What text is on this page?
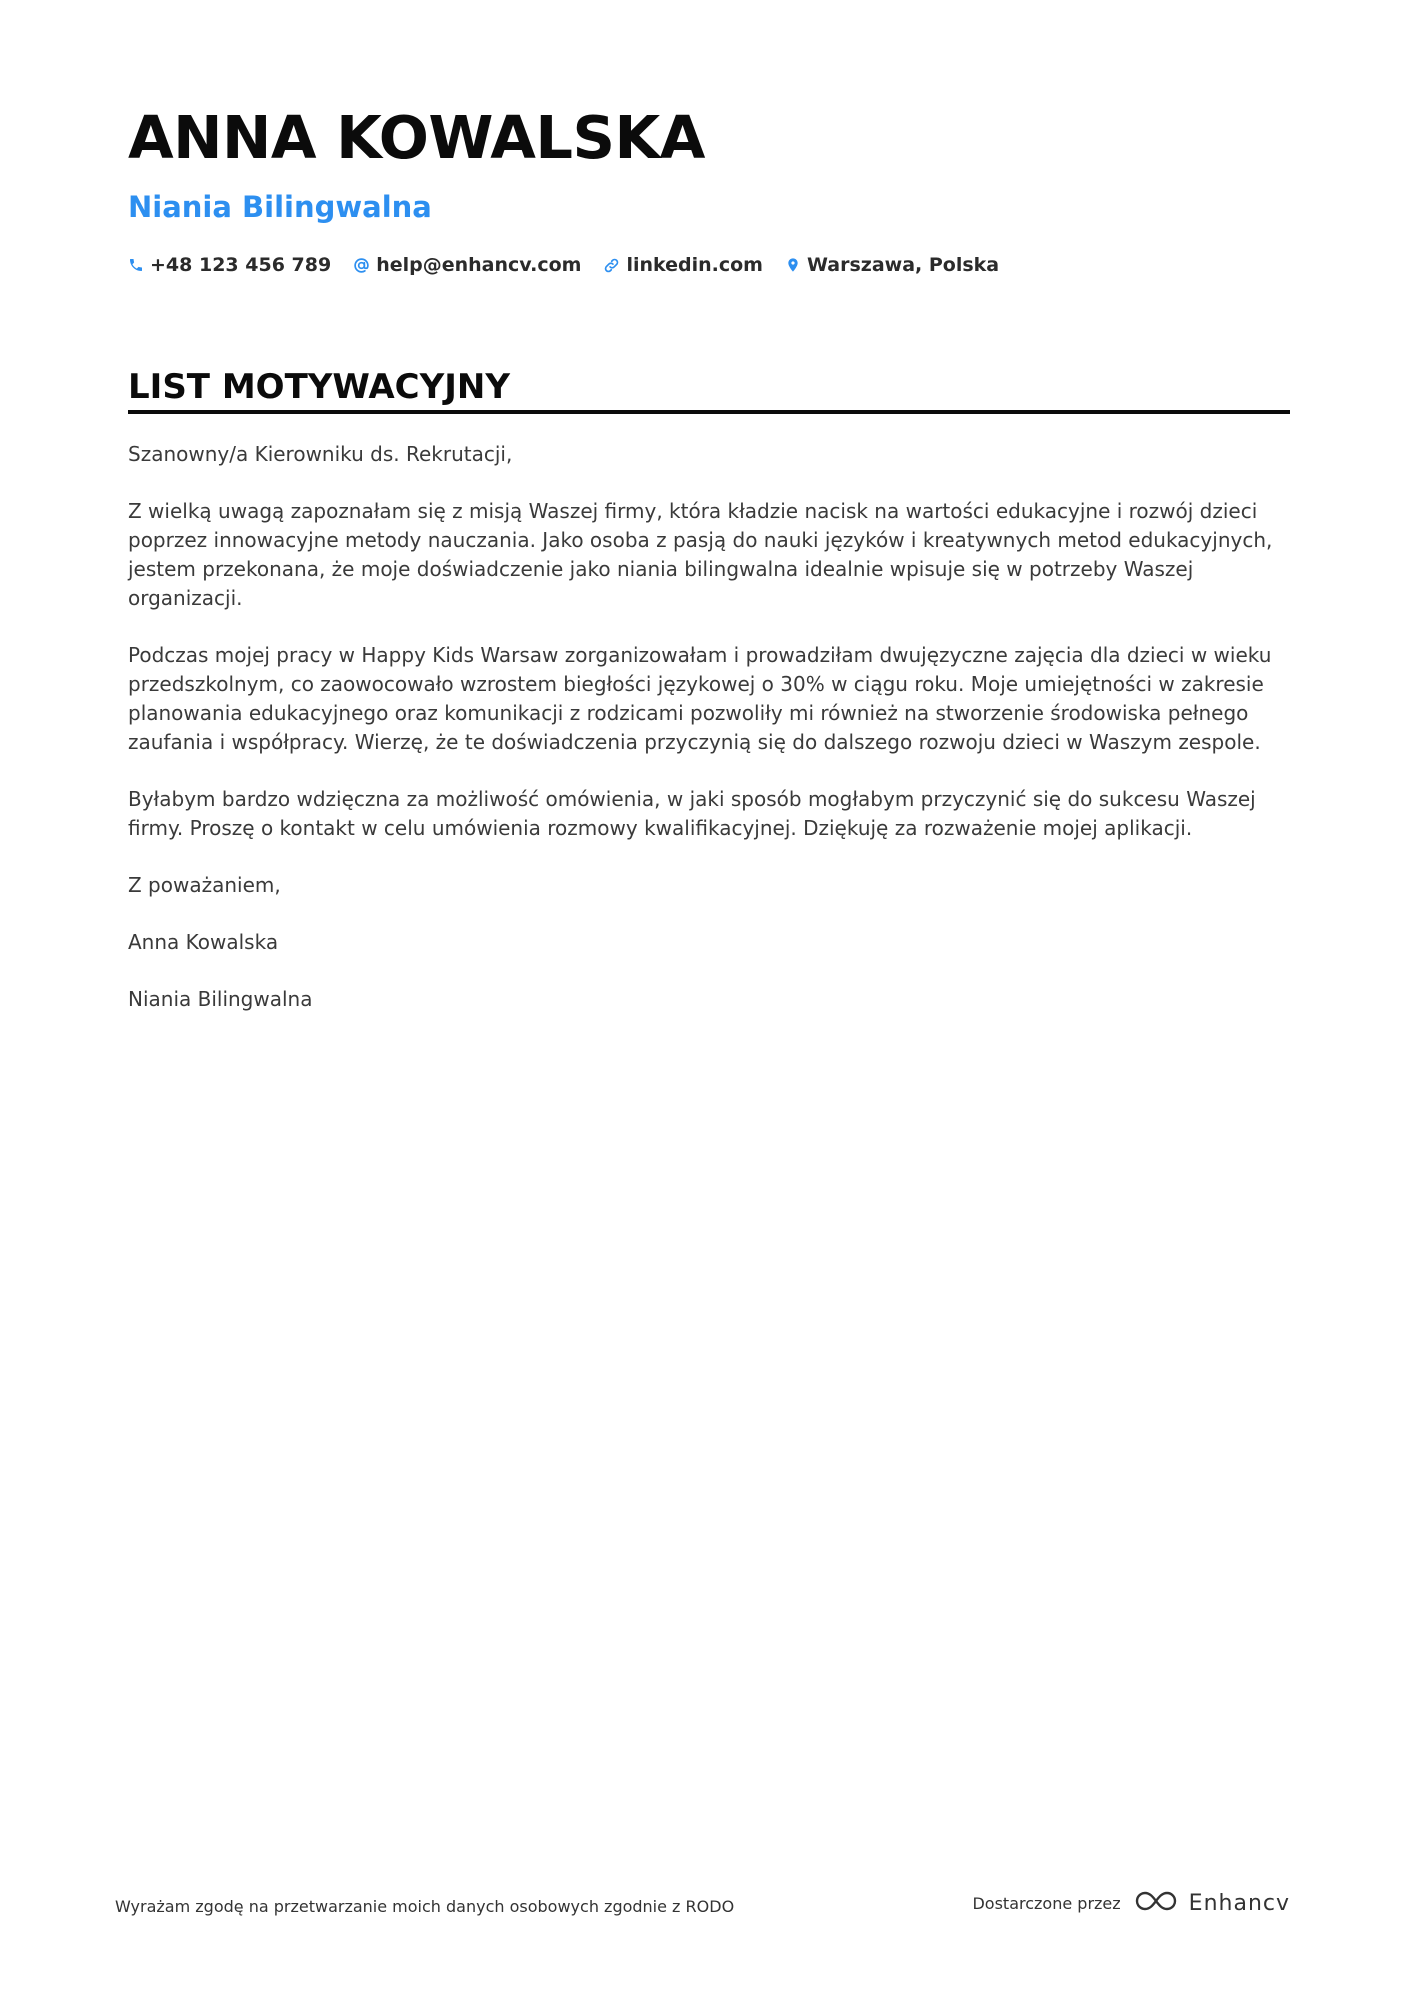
ANNA KOWALSKA
Niania Bilingwalna
+48 123 456 789 help@enhancv.com linkedin.com Warszawa, Polska
LIST MOTYWACYJNY

Szanowny/a Kierowniku ds. Rekrutacji,

Z wielką uwagą zapoznałam się z misją Waszej firmy, która kładzie nacisk na wartości edukacyjne i rozwój dzieci poprzez innowacyjne metody nauczania. Jako osoba z pasją do nauki języków i kreatywnych metod edukacyjnych, jestem przekonana, że moje doświadczenie jako niania bilingwalna idealnie wpisuje się w potrzeby Waszej organizacji.

Podczas mojej pracy w Happy Kids Warsaw zorganizowałam i prowadziłam dwujęzyczne zajęcia dla dzieci w wieku przedszkolnym, co zaowocowało wzrostem biegłości językowej o 30% w ciągu roku. Moje umiejętności w zakresie planowania edukacyjnego oraz komunikacji z rodzicami pozwoliły mi również na stworzenie środowiska pełnego zaufania i współpracy. Wierzę, że te doświadczenia przyczynią się do dalszego rozwoju dzieci w Waszym zespole.

Byłabym bardzo wdzięczna za możliwość omówienia, w jaki sposób mogłabym przyczynić się do sukcesu Waszej firmy. Proszę o kontakt w celu umówienia rozmowy kwalifikacyjnej. Dziękuję za rozważenie mojej aplikacji.

Z poważaniem,

Anna Kowalska

Niania Bilingwalna

Wyrażam zgodę na przetwarzanie moich danych osobowych zgodnie z RODO	Dostarczone przez	Enhancv
